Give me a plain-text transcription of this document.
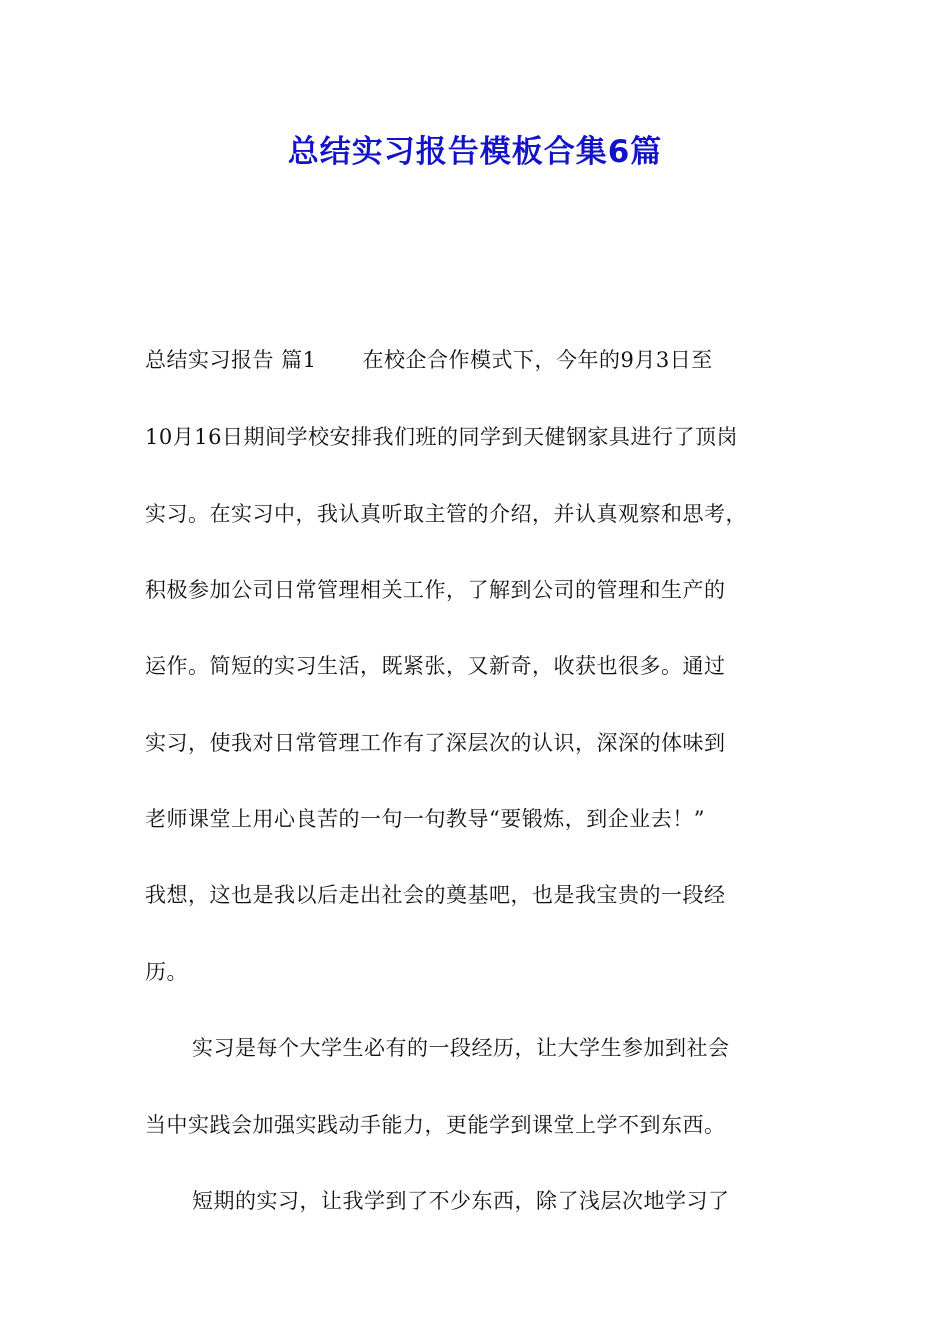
总结实习报告模板合集6篇
总结实习报告 篇1 在校企合作模式下，今年的9月3日至
10月16日期间学校安排我们班的同学到天健钢家具进行了顶岗
实习。在实习中，我认真听取主管的介绍，并认真观察和思考，
积极参加公司日常管理相关工作，了解到公司的管理和生产的
运作。简短的实习生活，既紧张，又新奇，收获也很多。通过
实习，使我对日常管理工作有了深层次的认识，深深的体味到
老师课堂上用心良苦的一句一句教导“要锻炼，到企业去！”
我想，这也是我以后走出社会的奠基吧，也是我宝贵的一段经
历。
实习是每个大学生必有的一段经历，让大学生参加到社会
当中实践会加强实践动手能力，更能学到课堂上学不到东西。
短期的实习，让我学到了不少东西，除了浅层次地学习了
